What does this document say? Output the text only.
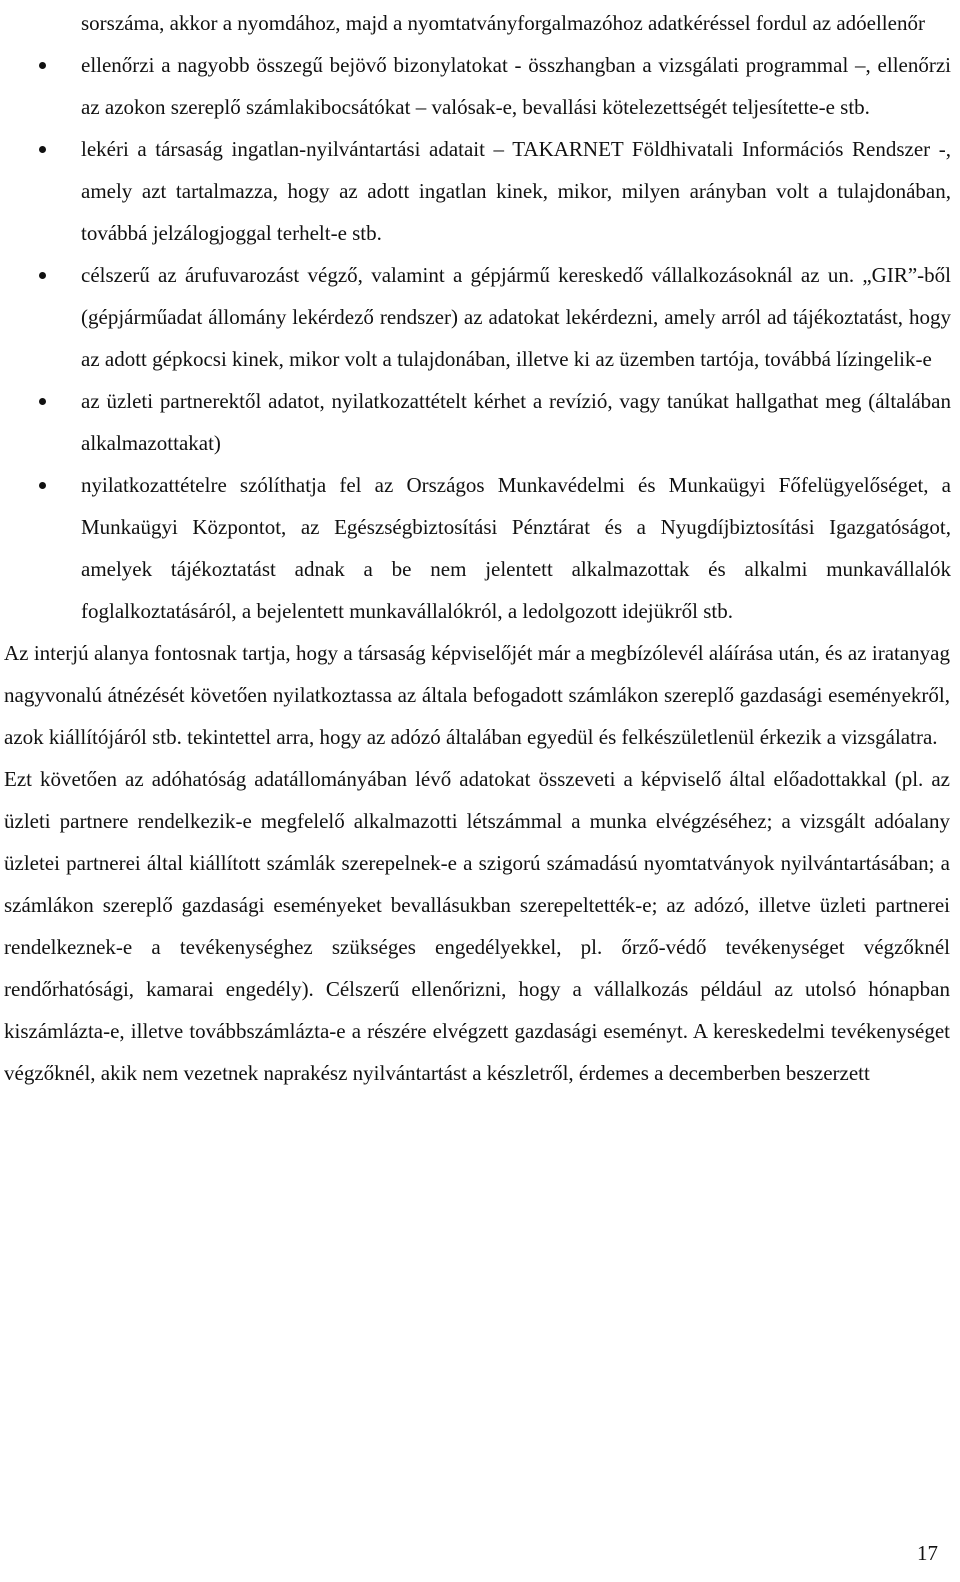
sorszáma, akkor a nyomdához, majd a nyomtatványforgalmazóhoz adatkéréssel fordul az adóellenőr
ellenőrzi a nagyobb összegű bejövő bizonylatokat - összhangban a vizsgálati programmal –, ellenőrzi az azokon szereplő számlakibocsátókat – valósak-e, bevallási kötelezettségét teljesítette-e stb.
lekéri a társaság ingatlan-nyilvántartási adatait – TAKARNET Földhivatali Információs Rendszer -, amely azt tartalmazza, hogy az adott ingatlan kinek, mikor, milyen arányban volt a tulajdonában, továbbá jelzálogjoggal terhelt-e stb.
célszerű az árufuvarozást végző, valamint a gépjármű kereskedő vállalkozásoknál az un. „GIR”-ből (gépjárműadat állomány lekérdező rendszer) az adatokat lekérdezni, amely arról ad tájékoztatást, hogy az adott gépkocsi kinek, mikor volt a tulajdonában, illetve ki az üzemben tartója, továbbá lízingelik-e
az üzleti partnerektől adatot, nyilatkozattételt kérhet a revízió, vagy tanúkat hallgathat meg (általában alkalmazottakat)
nyilatkozattételre szólíthatja fel az Országos Munkavédelmi és Munkaügyi Főfelügyelőséget, a Munkaügyi Központot, az Egészségbiztosítási Pénztárat és a Nyugdíjbiztosítási Igazgatóságot, amelyek tájékoztatást adnak a be nem jelentett alkalmazottak és alkalmi munkavállalók foglalkoztatásáról, a bejelentett munkavállalókról, a ledolgozott idejükről stb.
Az interjú alanya fontosnak tartja, hogy a társaság képviselőjét már a megbízólevél aláírása után, és az iratanyag nagyvonalú átnézését követően nyilatkoztassa az általa befogadott számlákon szereplő gazdasági eseményekről, azok kiállítójáról stb. tekintettel arra, hogy az adózó általában egyedül és felkészületlenül érkezik a vizsgálatra.
Ezt követően az adóhatóság adatállományában lévő adatokat összeveti a képviselő által előadottakkal (pl. az üzleti partnere rendelkezik-e megfelelő alkalmazotti létszámmal a munka elvégzéséhez; a vizsgált adóalany üzletei partnerei által kiállított számlák szerepelnek-e a szigorú számadású nyomtatványok nyilvántartásában; a számlákon szereplő gazdasági eseményeket bevallásukban szerepeltették-e; az adózó, illetve üzleti partnerei rendelkeznek-e a tevékenységhez szükséges engedélyekkel, pl. őrző-védő tevékenységet végzőknél rendőrhatósági, kamarai engedély). Célszerű ellenőrizni, hogy a vállalkozás például az utolsó hónapban kiszámlázta-e, illetve továbbszámlázta-e a részére elvégzett gazdasági eseményt. A kereskedelmi tevékenységet végzőknél, akik nem vezetnek naprakész nyilvántartást a készletről, érdemes a decemberben beszerzett
17
